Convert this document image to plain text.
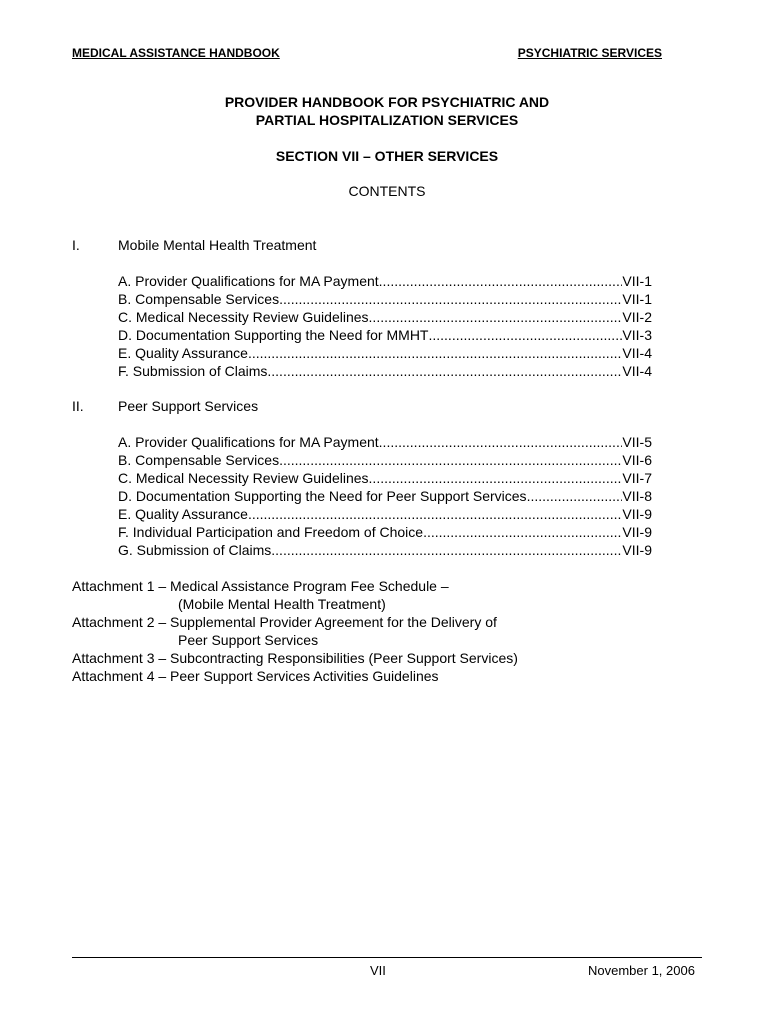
MEDICAL ASSISTANCE HANDBOOK	PSYCHIATRIC SERVICES
PROVIDER HANDBOOK FOR PSYCHIATRIC AND
PARTIAL HOSPITALIZATION SERVICES
SECTION VII – OTHER SERVICES
CONTENTS
I.	Mobile Mental Health Treatment
A. Provider Qualifications for MA Payment .....	VII-1
B. Compensable Services .....	VII-1
C. Medical Necessity Review Guidelines .....	VII-2
D. Documentation Supporting the Need for MMHT .....	VII-3
E. Quality Assurance .....	VII-4
F. Submission of Claims .....	VII-4
II. Peer Support Services
A. Provider Qualifications for MA Payment .....	VII-5
B. Compensable Services .....	VII-6
C. Medical Necessity Review Guidelines .....	VII-7
D. Documentation Supporting the Need for Peer Support Services .....	VII-8
E. Quality Assurance .....	VII-9
F. Individual Participation and Freedom of Choice .....	VII-9
G. Submission of Claims .....	VII-9
Attachment 1 – Medical Assistance Program Fee Schedule –
(Mobile Mental Health Treatment)
Attachment 2 – Supplemental Provider Agreement for the Delivery of
Peer Support Services
Attachment 3 – Subcontracting Responsibilities (Peer Support Services)
Attachment 4 – Peer Support Services Activities Guidelines
VII	November 1, 2006
